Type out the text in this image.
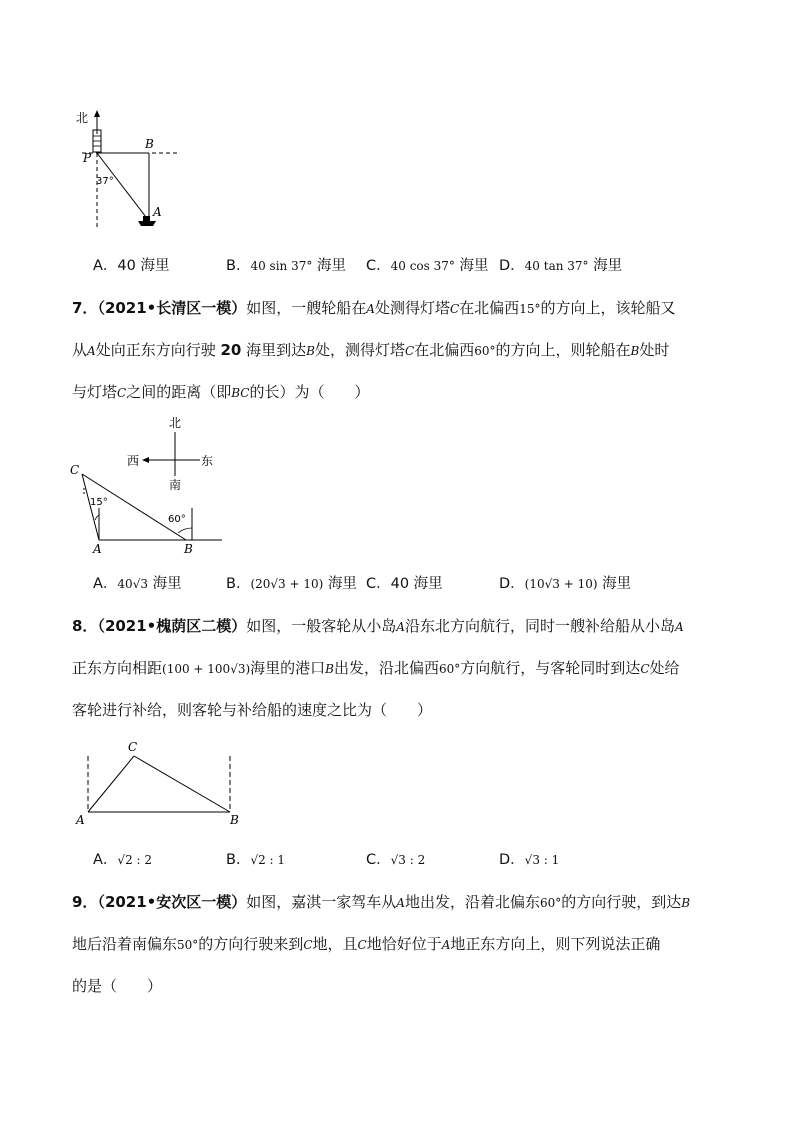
北
P
B
A
37°
A．40 海里	B．40 sin 37° 海里 C．40 cos 37° 海里 D．40 tan 37° 海里
7．（2021•长清区一模）如图，一艘轮船在A处测得灯塔C在北偏西15°的方向上，该轮船又
从A处向正东方向行驶 20 海里到达B处，测得灯塔C在北偏西60°的方向上，则轮船在B处时
与灯塔C之间的距离（即BC的长）为（　　）
北
西	东
南
C
A	B
15°
60°
A．40√3 海里	B．(20√3 + 10) 海里 C．40 海里	D．(10√3 + 10) 海里
8．（2021•槐荫区二模）如图，一般客轮从小岛A沿东北方向航行，同时一艘补给船从小岛A
正东方向相距(100 + 100√3)海里的港口B出发，沿北偏西60°方向航行，与客轮同时到达C处给
客轮进行补给，则客轮与补给船的速度之比为（　　）
C
A	B
A．√2 : 2	B．√2 : 1	C．√3 : 2	D．√3 : 1
9．（2021•安次区一模）如图，嘉淇一家驾车从A地出发，沿着北偏东60°的方向行驶，到达B
地后沿着南偏东50°的方向行驶来到C地，且C地恰好位于A地正东方向上，则下列说法正确
的是（　　）
